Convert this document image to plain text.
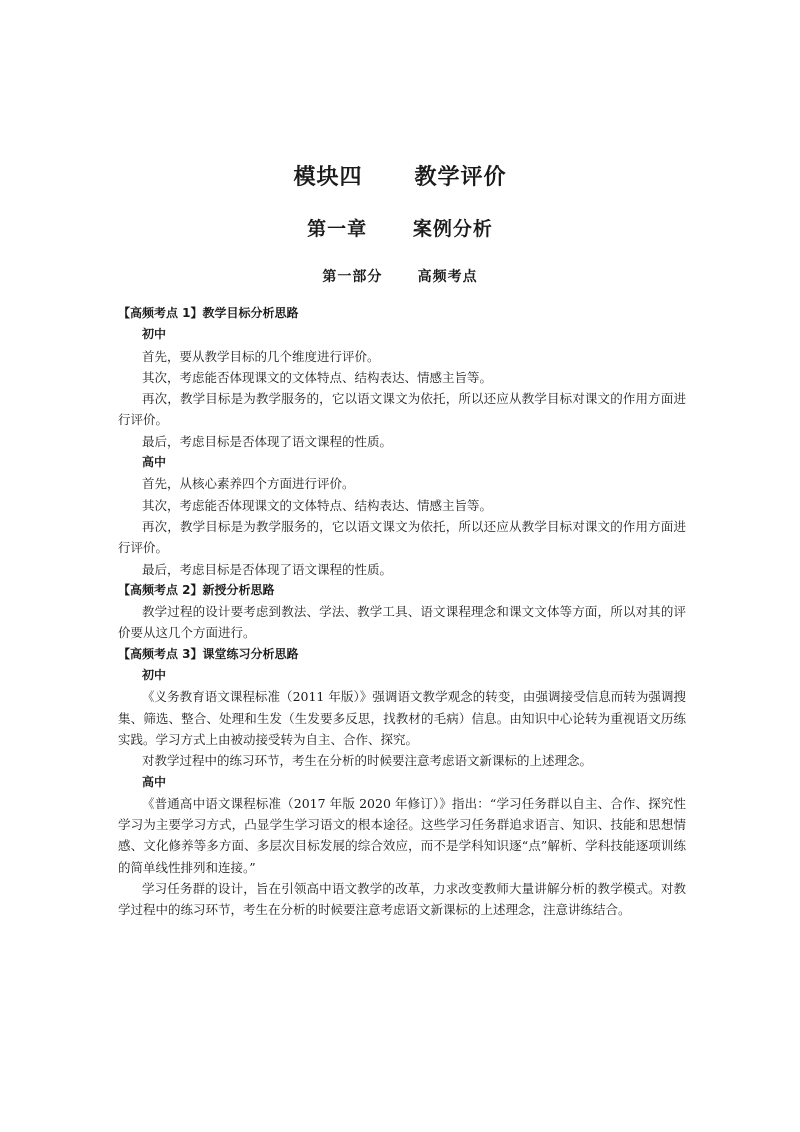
模块四 教学评价
第一章 案例分析
第一部分	高频考点

【高频考点 1】教学目标分析思路

初中

首先，要从教学目标的几个维度进行评价。

其次，考虑能否体现课文的文体特点、结构表达、情感主旨等。

再次，教学目标是为教学服务的，它以语文课文为依托，所以还应从教学目标对课文的作用方面进行评价。

最后，考虑目标是否体现了语文课程的性质。

高中

首先，从核心素养四个方面进行评价。

其次，考虑能否体现课文的文体特点、结构表达、情感主旨等。

再次，教学目标是为教学服务的，它以语文课文为依托，所以还应从教学目标对课文的作用方面进行评价。

最后，考虑目标是否体现了语文课程的性质。

【高频考点 2】新授分析思路

教学过程的设计要考虑到教法、学法、教学工具、语文课程理念和课文文体等方面，所以对其的评价要从这几个方面进行。

【高频考点 3】课堂练习分析思路

初中

《义务教育语文课程标准（2011 年版）》强调语文教学观念的转变，由强调接受信息而转为强调搜集、筛选、整合、处理和生发（生发要多反思，找教材的毛病）信息。由知识中心论转为重视语文历练实践。学习方式上由被动接受转为自主、合作、探究。

对教学过程中的练习环节，考生在分析的时候要注意考虑语文新课标的上述理念。

高中

《普通高中语文课程标准（2017 年版 2020 年修订）》指出：“学习任务群以自主、合作、探究性学习为主要学习方式，凸显学生学习语文的根本途径。这些学习任务群追求语言、知识、技能和思想情感、文化修养等多方面、多层次目标发展的综合效应，而不是学科知识逐“点”解析、学科技能逐项训练的简单线性排列和连接。”

学习任务群的设计，旨在引领高中语文教学的改革，力求改变教师大量讲解分析的教学模式。对教学过程中的练习环节，考生在分析的时候要注意考虑语文新课标的上述理念，注意讲练结合。
